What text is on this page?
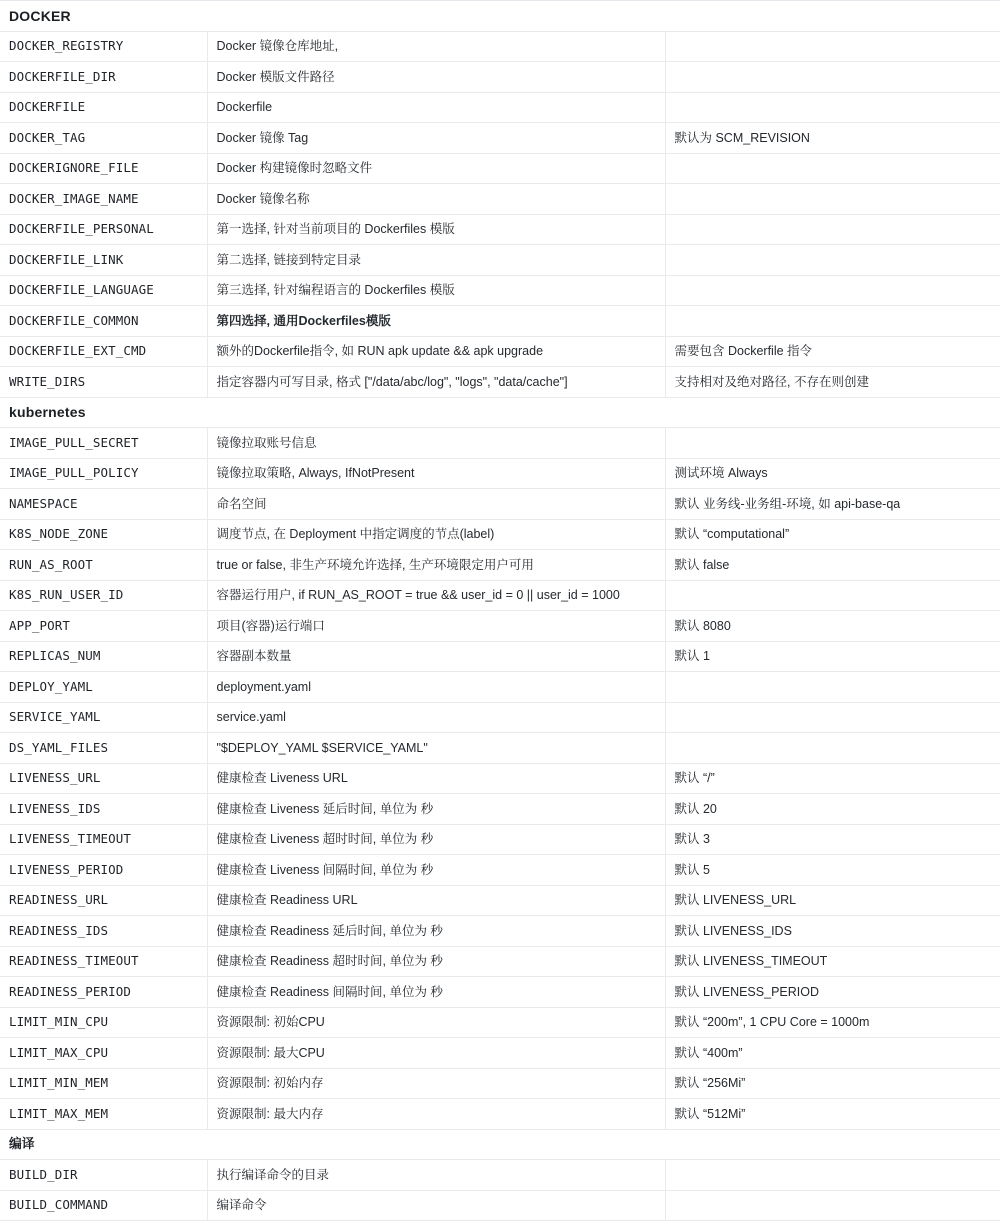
DOCKER		
DOCKER_REGISTRY	Docker 镜像仓库地址,	
DOCKERFILE_DIR	Docker 模版文件路径	
DOCKERFILE	Dockerfile	
DOCKER_TAG	Docker 镜像 Tag	默认为 SCM_REVISION
DOCKERIGNORE_FILE	Docker 构建镜像时忽略文件	
DOCKER_IMAGE_NAME	Docker 镜像名称	
DOCKERFILE_PERSONAL	第一选择, 针对当前项目的 Dockerfiles 模版	
DOCKERFILE_LINK	第二选择, 链接到特定目录	
DOCKERFILE_LANGUAGE	第三选择, 针对编程语言的 Dockerfiles 模版	
DOCKERFILE_COMMON	第四选择, 通用Dockerfiles模版	
DOCKERFILE_EXT_CMD	额外的Dockerfile指令, 如 RUN apk update && apk upgrade	需要包含 Dockerfile 指令
WRITE_DIRS	指定容器内可写目录, 格式 ["/data/abc/log", "logs", "data/cache"]	支持相对及绝对路径, 不存在则创建
kubernetes		
IMAGE_PULL_SECRET	镜像拉取账号信息	
IMAGE_PULL_POLICY	镜像拉取策略, Always, IfNotPresent	测试环境 Always
NAMESPACE	命名空间	默认 业务线-业务组-环境, 如 api-base-qa
K8S_NODE_ZONE	调度节点, 在 Deployment 中指定调度的节点(label)	默认 “computational”
RUN_AS_ROOT	true or false, 非生产环境允许选择, 生产环境限定用户可用	默认 false
K8S_RUN_USER_ID	容器运行用户, if RUN_AS_ROOT = true && user_id = 0 || user_id = 1000	
APP_PORT	项目(容器)运行端口	默认 8080
REPLICAS_NUM	容器副本数量	默认 1
DEPLOY_YAML	deployment.yaml	
SERVICE_YAML	service.yaml	
DS_YAML_FILES	"$DEPLOY_YAML $SERVICE_YAML"	
LIVENESS_URL	健康检查 Liveness URL	默认 “/”
LIVENESS_IDS	健康检查 Liveness 延后时间, 单位为 秒	默认 20
LIVENESS_TIMEOUT	健康检查 Liveness 超时时间, 单位为 秒	默认 3
LIVENESS_PERIOD	健康检查 Liveness 间隔时间, 单位为 秒	默认 5
READINESS_URL	健康检查 Readiness URL	默认 LIVENESS_URL
READINESS_IDS	健康检查 Readiness 延后时间, 单位为 秒	默认 LIVENESS_IDS
READINESS_TIMEOUT	健康检查 Readiness 超时时间, 单位为 秒	默认 LIVENESS_TIMEOUT
READINESS_PERIOD	健康检查 Readiness 间隔时间, 单位为 秒	默认 LIVENESS_PERIOD
LIMIT_MIN_CPU	资源限制: 初始CPU	默认 “200m”, 1 CPU Core = 1000m
LIMIT_MAX_CPU	资源限制: 最大CPU	默认 “400m”
LIMIT_MIN_MEM	资源限制: 初始内存	默认 “256Mi”
LIMIT_MAX_MEM	资源限制: 最大内存	默认 “512Mi”
编译		
BUILD_DIR	执行编译命令的目录	
BUILD_COMMAND	编译命令	
